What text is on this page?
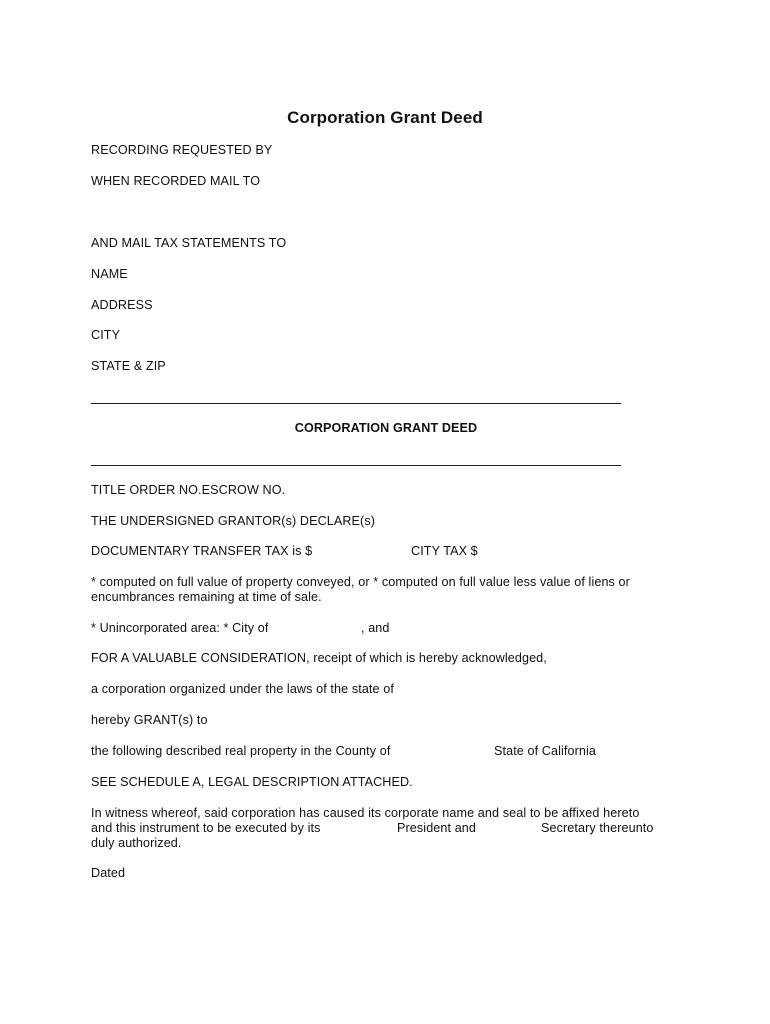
Corporation Grant Deed
RECORDING REQUESTED BY
WHEN RECORDED MAIL TO
AND MAIL TAX STATEMENTS TO
NAME
ADDRESS
CITY
STATE & ZIP
CORPORATION GRANT DEED
TITLE ORDER NO.ESCROW NO.
THE UNDERSIGNED GRANTOR(s) DECLARE(s)
DOCUMENTARY TRANSFER TAX is $	CITY TAX $
* computed on full value of property conveyed, or * computed on full value less value of liens or encumbrances remaining at time of sale.
* Unincorporated area: * City of	, and
FOR A VALUABLE CONSIDERATION, receipt of which is hereby acknowledged,
a corporation organized under the laws of the state of
hereby GRANT(s) to
the following described real property in the County of	State of California
SEE SCHEDULE A, LEGAL DESCRIPTION ATTACHED.
In witness whereof, said corporation has caused its corporate name and seal to be affixed hereto
and this instrument to be executed by its	President and	Secretary thereunto
duly authorized.
Dated
